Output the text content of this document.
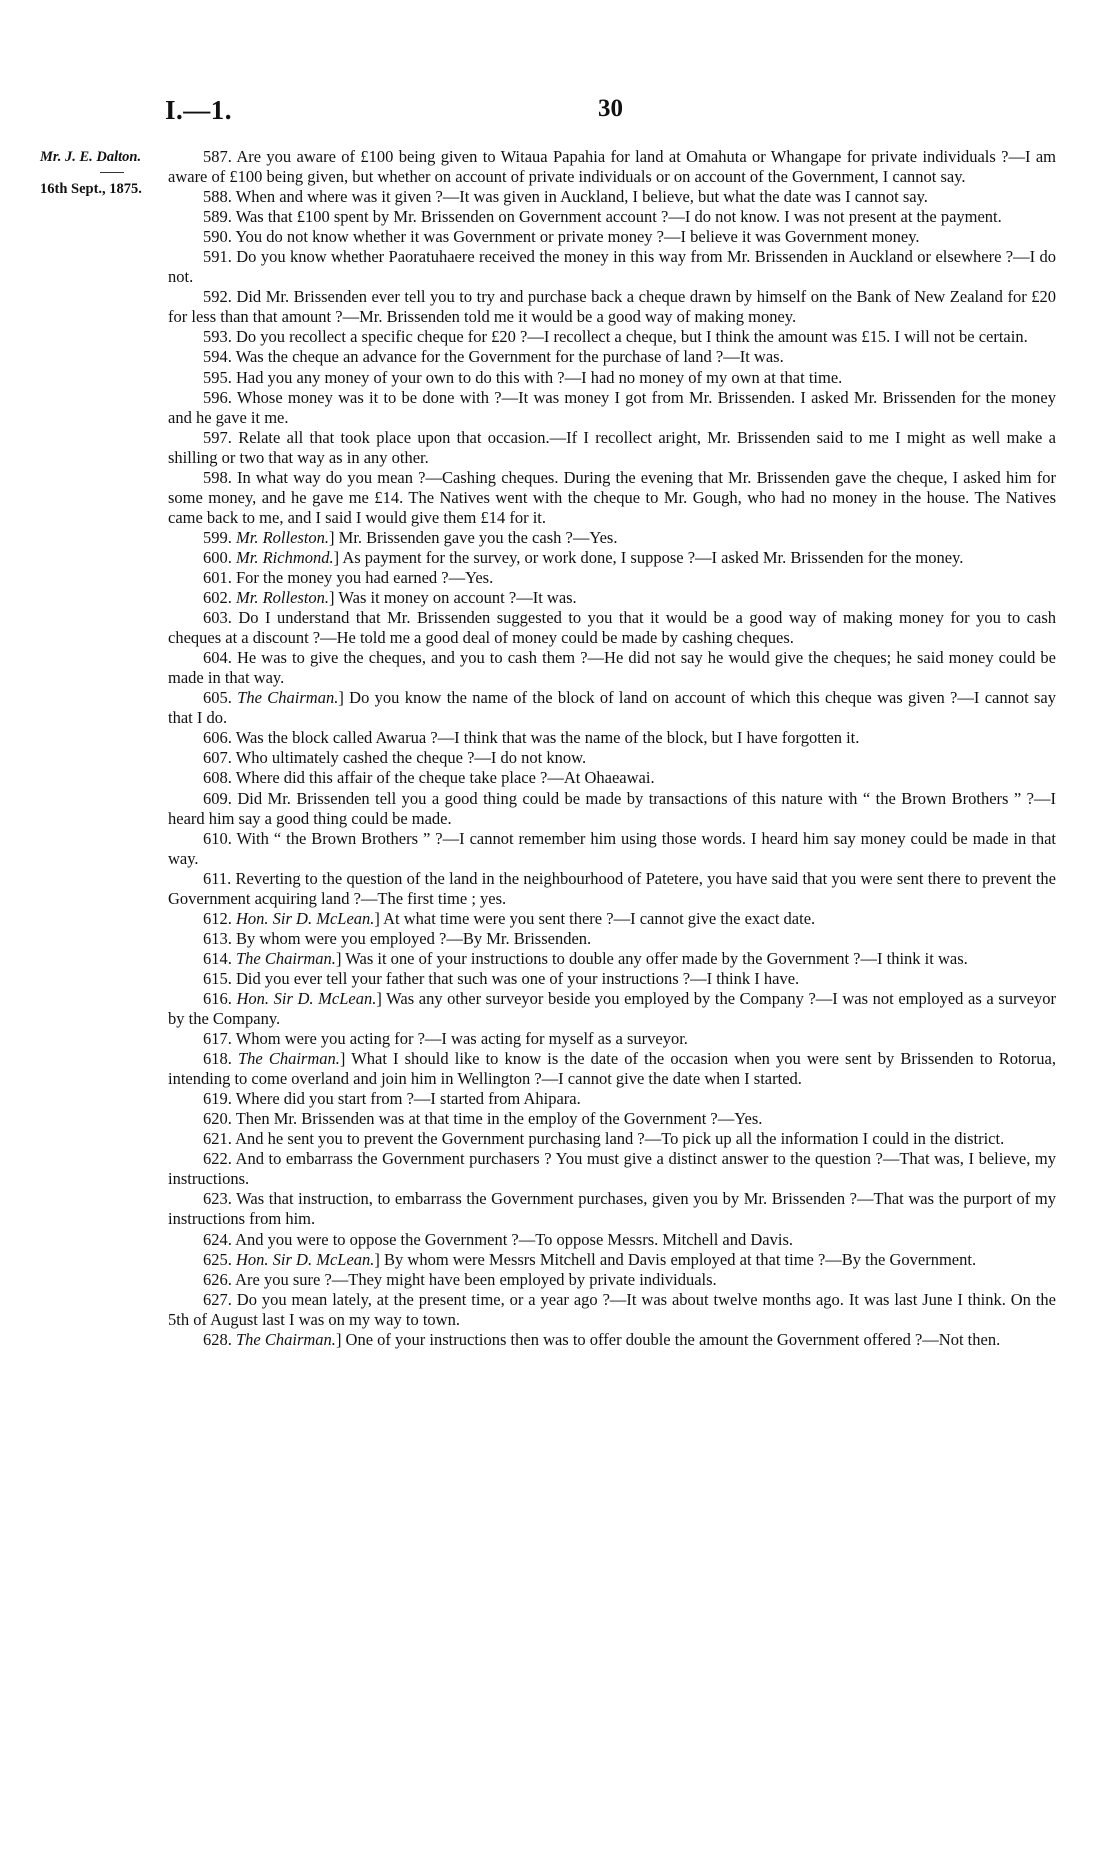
I.—1.	30
Mr. J. E. Dalton.
16th Sept., 1875.
587. Are you aware of £100 being given to Witaua Papahia for land at Omahuta or Whangape for private individuals ?—I am aware of £100 being given, but whether on account of private individuals or on account of the Government, I cannot say.
588. When and where was it given ?—It was given in Auckland, I believe, but what the date was I cannot say.
589. Was that £100 spent by Mr. Brissenden on Government account ?—I do not know. I was not present at the payment.
590. You do not know whether it was Government or private money ?—I believe it was Government money.
591. Do you know whether Paoratuhaere received the money in this way from Mr. Brissenden in Auckland or elsewhere ?—I do not.
592. Did Mr. Brissenden ever tell you to try and purchase back a cheque drawn by himself on the Bank of New Zealand for £20 for less than that amount ?—Mr. Brissenden told me it would be a good way of making money.
593. Do you recollect a specific cheque for £20 ?—I recollect a cheque, but I think the amount was £15. I will not be certain.
594. Was the cheque an advance for the Government for the purchase of land ?—It was.
595. Had you any money of your own to do this with ?—I had no money of my own at that time.
596. Whose money was it to be done with ?—It was money I got from Mr. Brissenden. I asked Mr. Brissenden for the money and he gave it me.
597. Relate all that took place upon that occasion.—If I recollect aright, Mr. Brissenden said to me I might as well make a shilling or two that way as in any other.
598. In what way do you mean ?—Cashing cheques. During the evening that Mr. Brissenden gave the cheque, I asked him for some money, and he gave me £14. The Natives went with the cheque to Mr. Gough, who had no money in the house. The Natives came back to me, and I said I would give them £14 for it.
599. Mr. Rolleston.] Mr. Brissenden gave you the cash ?—Yes.
600. Mr. Richmond.] As payment for the survey, or work done, I suppose ?—I asked Mr. Brissenden for the money.
601. For the money you had earned ?—Yes.
602. Mr. Rolleston.] Was it money on account ?—It was.
603. Do I understand that Mr. Brissenden suggested to you that it would be a good way of making money for you to cash cheques at a discount ?—He told me a good deal of money could be made by cashing cheques.
604. He was to give the cheques, and you to cash them ?—He did not say he would give the cheques; he said money could be made in that way.
605. The Chairman.] Do you know the name of the block of land on account of which this cheque was given ?—I cannot say that I do.
606. Was the block called Awarua ?—I think that was the name of the block, but I have forgotten it.
607. Who ultimately cashed the cheque ?—I do not know.
608. Where did this affair of the cheque take place ?—At Ohaeawai.
609. Did Mr. Brissenden tell you a good thing could be made by transactions of this nature with “ the Brown Brothers ” ?—I heard him say a good thing could be made.
610. With “ the Brown Brothers ” ?—I cannot remember him using those words. I heard him say money could be made in that way.
611. Reverting to the question of the land in the neighbourhood of Patetere, you have said that you were sent there to prevent the Government acquiring land ?—The first time ; yes.
612. Hon. Sir D. McLean.] At what time were you sent there ?—I cannot give the exact date.
613. By whom were you employed ?—By Mr. Brissenden.
614. The Chairman.] Was it one of your instructions to double any offer made by the Government ?—I think it was.
615. Did you ever tell your father that such was one of your instructions ?—I think I have.
616. Hon. Sir D. McLean.] Was any other surveyor beside you employed by the Company ?—I was not employed as a surveyor by the Company.
617. Whom were you acting for ?—I was acting for myself as a surveyor.
618. The Chairman.] What I should like to know is the date of the occasion when you were sent by Brissenden to Rotorua, intending to come overland and join him in Wellington ?—I cannot give the date when I started.
619. Where did you start from ?—I started from Ahipara.
620. Then Mr. Brissenden was at that time in the employ of the Government ?—Yes.
621. And he sent you to prevent the Government purchasing land ?—To pick up all the information I could in the district.
622. And to embarrass the Government purchasers ? You must give a distinct answer to the question ?—That was, I believe, my instructions.
623. Was that instruction, to embarrass the Government purchases, given you by Mr. Brissenden ?—That was the purport of my instructions from him.
624. And you were to oppose the Government ?—To oppose Messrs. Mitchell and Davis.
625. Hon. Sir D. McLean.] By whom were Messrs Mitchell and Davis employed at that time ?—By the Government.
626. Are you sure ?—They might have been employed by private individuals.
627. Do you mean lately, at the present time, or a year ago ?—It was about twelve months ago. It was last June I think. On the 5th of August last I was on my way to town.
628. The Chairman.] One of your instructions then was to offer double the amount the Government offered ?—Not then.
